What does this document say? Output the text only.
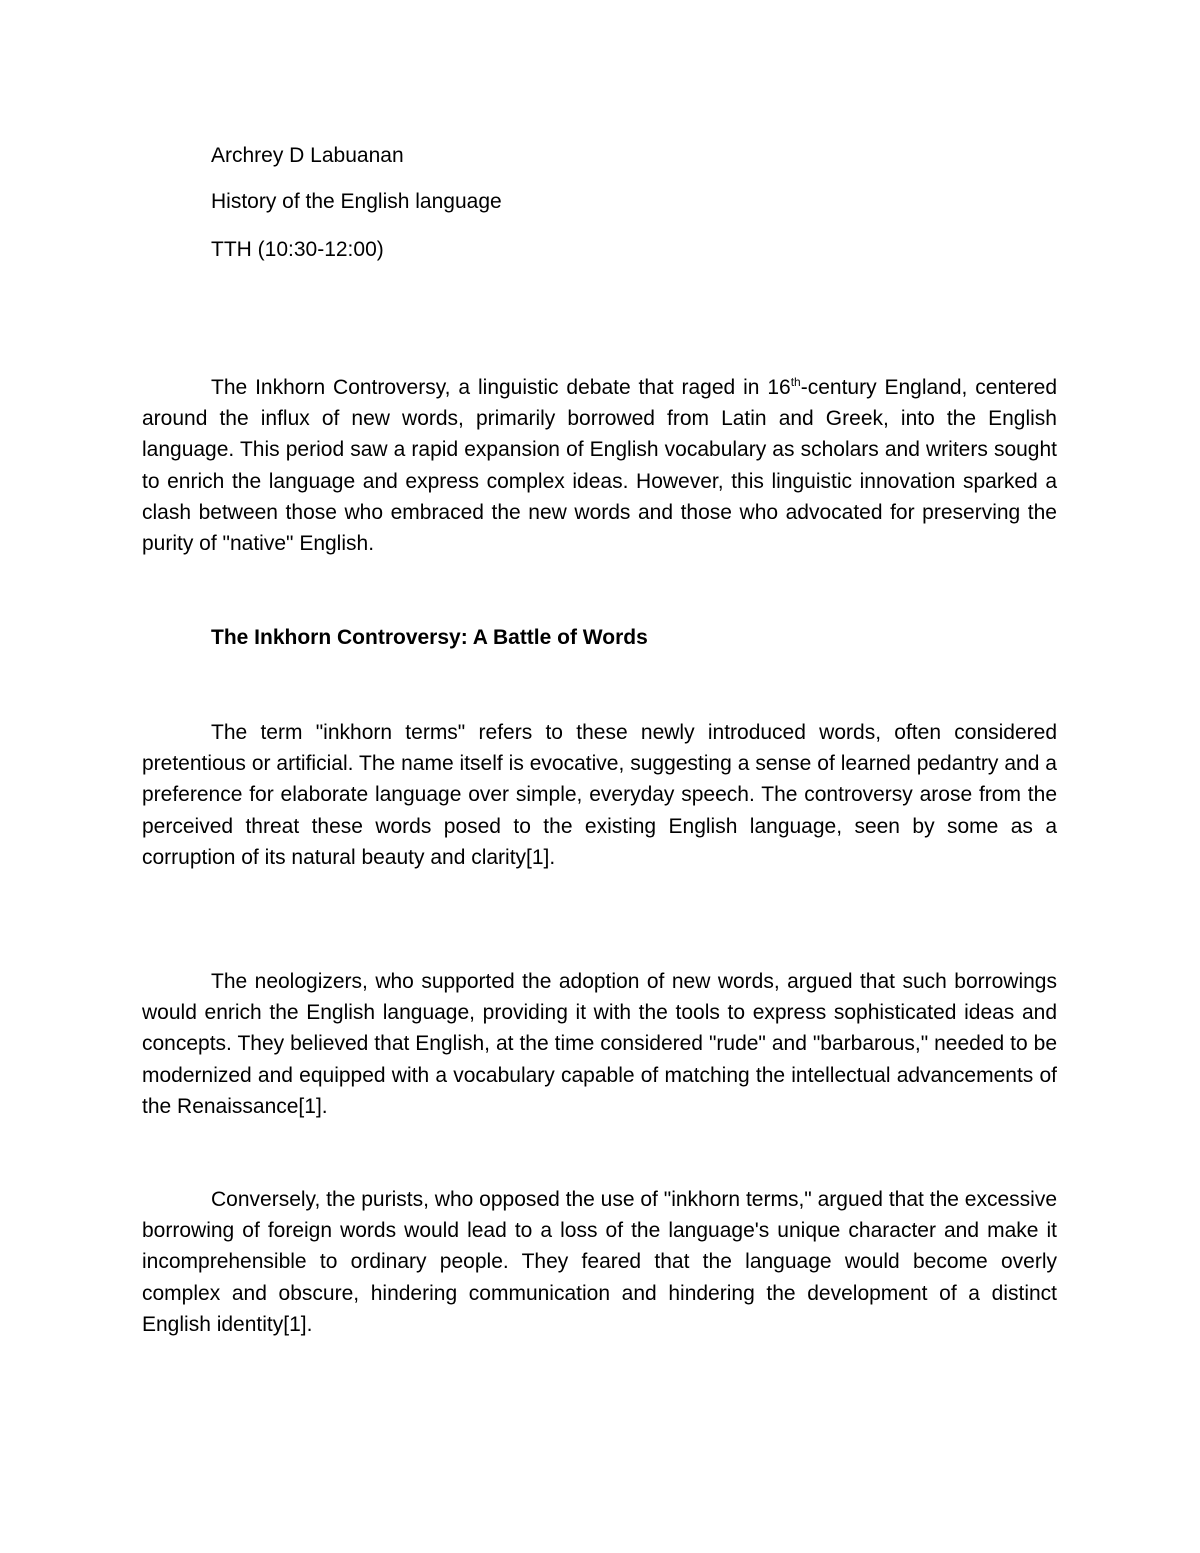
Archrey D Labuanan
History of the English language
TTH (10:30-12:00)

The Inkhorn Controversy, a linguistic debate that raged in 16th-century England, centered around the influx of new words, primarily borrowed from Latin and Greek, into the English language. This period saw a rapid expansion of English vocabulary as scholars and writers sought to enrich the language and express complex ideas. However, this linguistic innovation sparked a clash between those who embraced the new words and those who advocated for preserving the purity of "native" English.

The Inkhorn Controversy: A Battle of Words

The term "inkhorn terms" refers to these newly introduced words, often considered pretentious or artificial. The name itself is evocative, suggesting a sense of learned pedantry and a preference for elaborate language over simple, everyday speech. The controversy arose from the perceived threat these words posed to the existing English language, seen by some as a corruption of its natural beauty and clarity[1].

The neologizers, who supported the adoption of new words, argued that such borrowings would enrich the English language, providing it with the tools to express sophisticated ideas and concepts. They believed that English, at the time considered "rude" and "barbarous," needed to be modernized and equipped with a vocabulary capable of matching the intellectual advancements of the Renaissance[1].

Conversely, the purists, who opposed the use of "inkhorn terms," argued that the excessive borrowing of foreign words would lead to a loss of the language's unique character and make it incomprehensible to ordinary people. They feared that the language would become overly complex and obscure, hindering communication and hindering the development of a distinct English identity[1].
